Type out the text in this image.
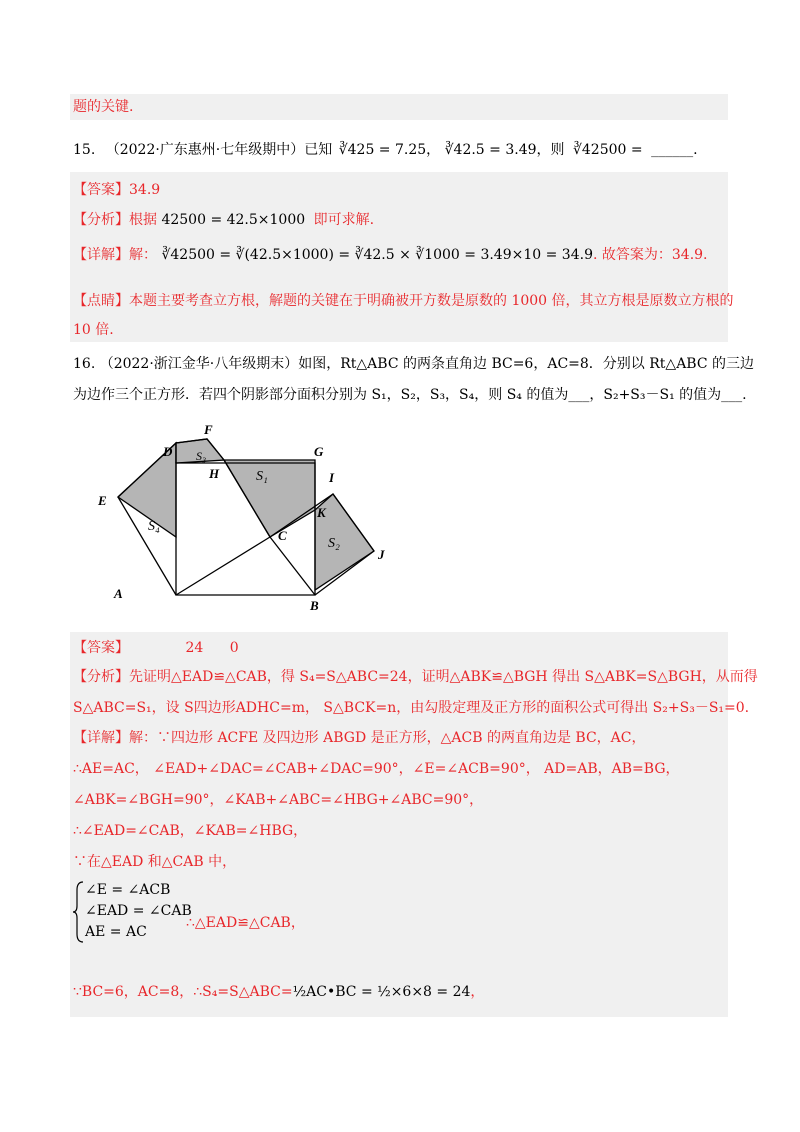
题的关键.
15. （2022·广东惠州·七年级期中）已知 ∛425 = 7.25， ∛42.5 = 3.49，则 ∛42500 = ______.
【答案】34.9
【分析】根据 42500 = 42.5×1000 即可求解.
【详解】解： ∛42500 = ∛(42.5×1000) = ∛42.5 × ∛1000 = 3.49×10 = 34.9. 故答案为：34.9.
【点睛】本题主要考查立方根，解题的关键在于明确被开方数是原数的 1000 倍，其立方根是原数立方根的
10 倍.
16. （2022·浙江金华·八年级期末）如图，Rt△ABC 的两条直角边 BC=6，AC=8．分别以 Rt△ABC 的三边
为边作三个正方形．若四个阴影部分面积分别为 S₁，S₂，S₃，S₄，则 S₄ 的值为___，S₂+S₃－S₁ 的值为___.
A
B
C
D
E
F
G
H	I
J
K
S₁
S₂
S₃
S₄
【答案】	24 0
【分析】先证明△EAD≌△CAB，得 S₄=S△ABC=24，证明△ABK≌△BGH 得出 S△ABK=S△BGH，从而得
S△ABC=S₁，设 S四边形ADHC=m， S△BCK=n，由勾股定理及正方形的面积公式可得出 S₂+S₃－S₁=0.
【详解】解：∵四边形 ACFE 及四边形 ABGD 是正方形，△ACB 的两直角边是 BC，AC，
∴AE=AC， ∠EAD+∠DAC=∠CAB+∠DAC=90°，∠E=∠ACB=90°， AD=AB，AB=BG，
∠ABK=∠BGH=90°，∠KAB+∠ABC=∠HBG+∠ABC=90°，
∴∠EAD=∠CAB，∠KAB=∠HBG，
∵在△EAD 和△CAB 中，
∠E = ∠ACB
∠EAD = ∠CAB
AE = AC
∴△EAD≌△CAB，
∵BC=6，AC=8，∴S₄=S△ABC=½AC•BC = ½×6×8 = 24，
